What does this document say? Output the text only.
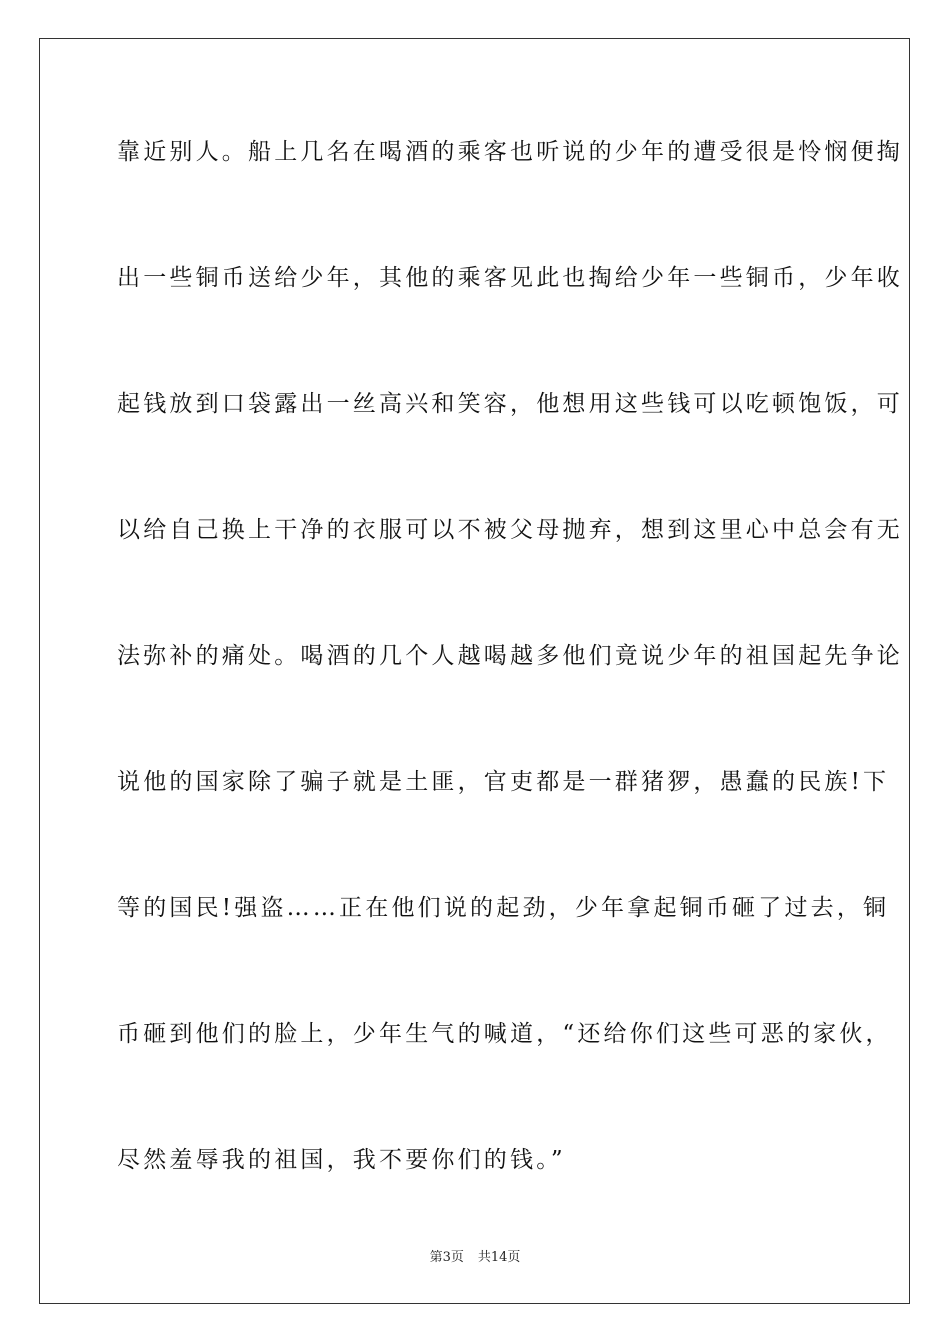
靠近别人。船上几名在喝酒的乘客也听说的少年的遭受很是怜悯便掏
出一些铜币送给少年，其他的乘客见此也掏给少年一些铜币，少年收
起钱放到口袋露出一丝高兴和笑容，他想用这些钱可以吃顿饱饭，可
以给自己换上干净的衣服可以不被父母抛弃，想到这里心中总会有无
法弥补的痛处。喝酒的几个人越喝越多他们竟说少年的祖国起先争论
说他的国家除了骗子就是土匪，官吏都是一群猪猡，愚蠢的民族!下
等的国民!强盗……正在他们说的起劲，少年拿起铜币砸了过去，铜
币砸到他们的脸上，少年生气的喊道，“还给你们这些可恶的家伙，
尽然羞辱我的祖国，我不要你们的钱。”
第3页 共14页
